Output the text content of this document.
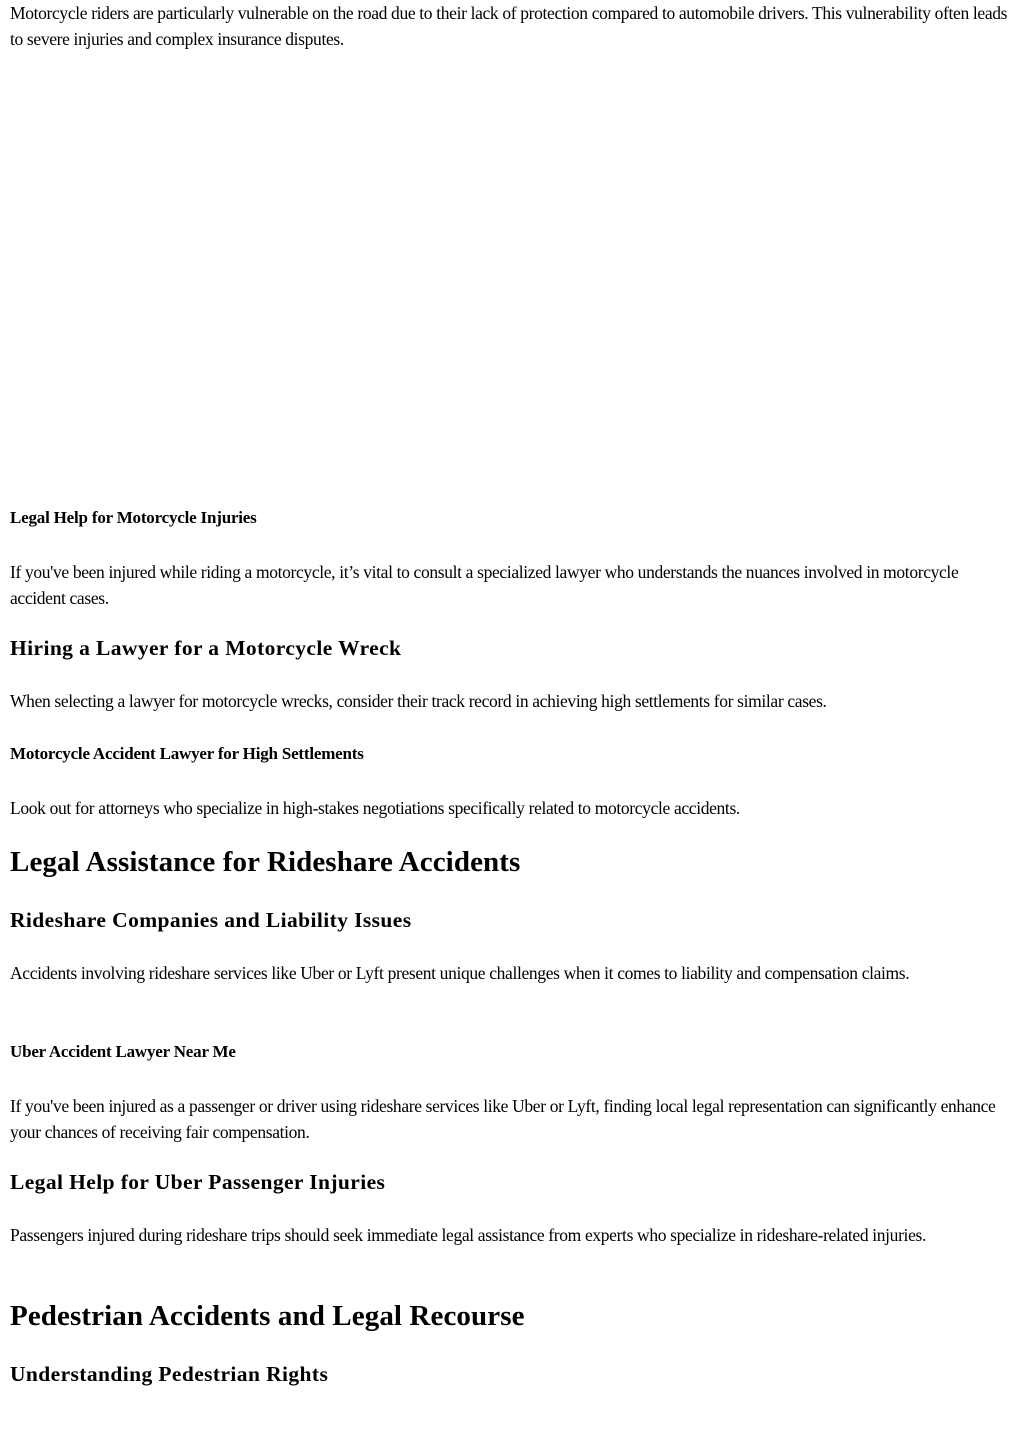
Motorcycle riders are particularly vulnerable on the road due to their lack of protection compared to automobile drivers. This vulnerability often leads to severe injuries and complex insurance disputes.

Legal Help for Motorcycle Injuries

If you've been injured while riding a motorcycle, it’s vital to consult a specialized lawyer who understands the nuances involved in motorcycle accident cases.

Hiring a Lawyer for a Motorcycle Wreck

When selecting a lawyer for motorcycle wrecks, consider their track record in achieving high settlements for similar cases.

Motorcycle Accident Lawyer for High Settlements

Look out for attorneys who specialize in high-stakes negotiations specifically related to motorcycle accidents.

Legal Assistance for Rideshare Accidents
Rideshare Companies and Liability Issues

Accidents involving rideshare services like Uber or Lyft present unique challenges when it comes to liability and compensation claims.

Uber Accident Lawyer Near Me

If you've been injured as a passenger or driver using rideshare services like Uber or Lyft, finding local legal representation can significantly enhance your chances of receiving fair compensation.

Legal Help for Uber Passenger Injuries

Passengers injured during rideshare trips should seek immediate legal assistance from experts who specialize in rideshare-related injuries.

Pedestrian Accidents and Legal Recourse
Understanding Pedestrian Rights
